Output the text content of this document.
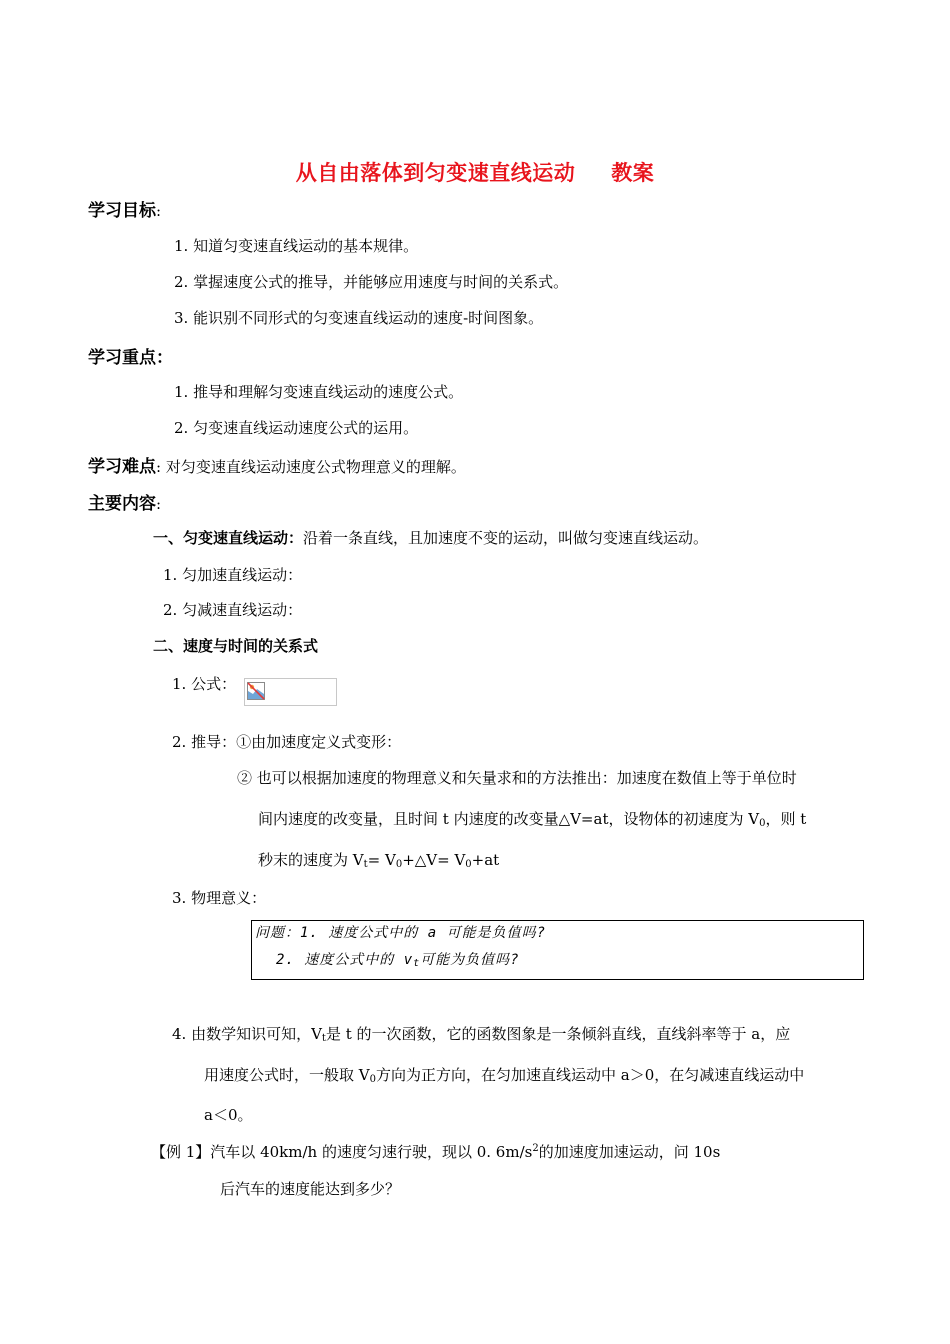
从自由落体到匀变速直线运动 教案
学习目标:
1. 知道匀变速直线运动的基本规律。
2. 掌握速度公式的推导，并能够应用速度与时间的关系式。
3. 能识别不同形式的匀变速直线运动的速度-时间图象。
学习重点：
1. 推导和理解匀变速直线运动的速度公式。
2. 匀变速直线运动速度公式的运用。
学习难点: 对匀变速直线运动速度公式物理意义的理解。
主要内容:
一、匀变速直线运动：沿着一条直线，且加速度不变的运动，叫做匀变速直线运动。
1. 匀加速直线运动：
2. 匀减速直线运动：
二、速度与时间的关系式
1. 公式：
2. 推导：①由加速度定义式变形：
② 也可以根据加速度的物理意义和矢量求和的方法推出：加速度在数值上等于单位时
间内速度的改变量，且时间 t 内速度的改变量△V=at，设物体的初速度为 $V_0$，则 t
秒末的速度为 $V_t=$ $V_0+\triangle V= V_0+at$
3. 物理意义：
问题：1. 速度公式中的 a 可能是负值吗?
2. 速度公式中的 $v_t$可能为负值吗?
4. 由数学知识可知，$V_t$是 t 的一次函数，它的函数图象是一条倾斜直线，直线斜率等于 a，应
用速度公式时，一般取 $V_0$方向为正方向，在匀加速直线运动中 a＞0，在匀减速直线运动中
a＜0。
【例 1】汽车以 40km/h 的速度匀速行驶，现以 0. $6m/s^2$的加速度加速运动，问 10s
后汽车的速度能达到多少？
